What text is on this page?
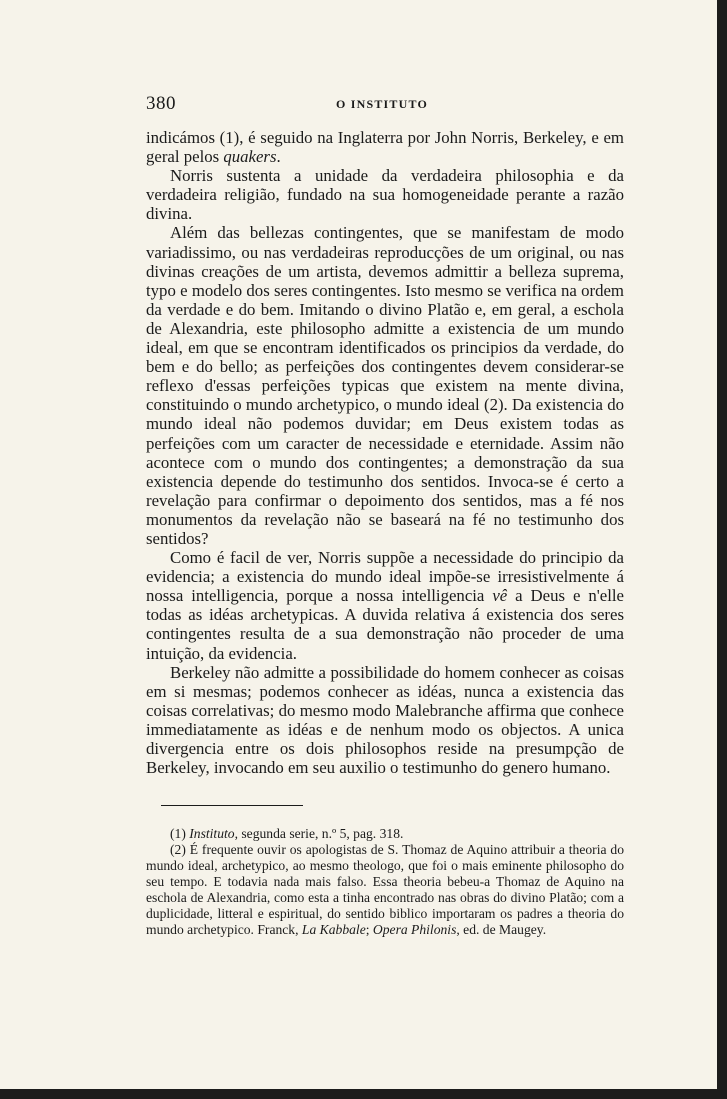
380	O INSTITUTO

indicámos (1), é seguido na Inglaterra por John Norris, Berkeley, e em geral pelos quakers.

Norris sustenta a unidade da verdadeira philosophia e da verdadeira religião, fundado na sua homogeneidade perante a razão divina.

Além das bellezas contingentes, que se manifestam de modo variadissimo, ou nas verdadeiras reproducções de um original, ou nas divinas creações de um artista, devemos admittir a belleza suprema, typo e modelo dos seres contingentes. Isto mesmo se verifica na ordem da verdade e do bem. Imitando o divino Platão e, em geral, a eschola de Alexandria, este philosopho admitte a existencia de um mundo ideal, em que se encontram identificados os principios da verdade, do bem e do bello; as perfeições dos contingentes devem considerar-se reflexo d'essas perfeições typicas que existem na mente divina, constituindo o mundo archetypico, o mundo ideal (2). Da existencia do mundo ideal não podemos duvidar; em Deus existem todas as perfeições com um caracter de necessidade e eternidade. Assim não acontece com o mundo dos contingentes; a demonstração da sua existencia depende do testimunho dos sentidos. Invoca-se é certo a revelação para confirmar o depoimento dos sentidos, mas a fé nos monumentos da revelação não se baseará na fé no testimunho dos sentidos?

Como é facil de ver, Norris suppõe a necessidade do principio da evidencia; a existencia do mundo ideal impõe-se irresistivelmente á nossa intelligencia, porque a nossa intelligencia vê a Deus e n'elle todas as idéas archetypicas. A duvida relativa á existencia dos seres contingentes resulta de a sua demonstração não proceder de uma intuição, da evidencia.

Berkeley não admitte a possibilidade do homem conhecer as coisas em si mesmas; podemos conhecer as idéas, nunca a existencia das coisas correlativas; do mesmo modo Malebranche affirma que conhece immediatamente as idéas e de nenhum modo os objectos. A unica divergencia entre os dois philosophos reside na presumpção de Berkeley, invocando em seu auxilio o testimunho do genero humano.

(1) Instituto, segunda serie, n.º 5, pag. 318.

(2) É frequente ouvir os apologistas de S. Thomaz de Aquino attribuir a theoria do mundo ideal, archetypico, ao mesmo theologo, que foi o mais eminente philosopho do seu tempo. E todavia nada mais falso. Essa theoria bebeu-a Thomaz de Aquino na eschola de Alexandria, como esta a tinha encontrado nas obras do divino Platão; com a duplicidade, litteral e espiritual, do sentido biblico importaram os padres a theoria do mundo archetypico. Franck, La Kabbale; Opera Philonis, ed. de Maugey.
